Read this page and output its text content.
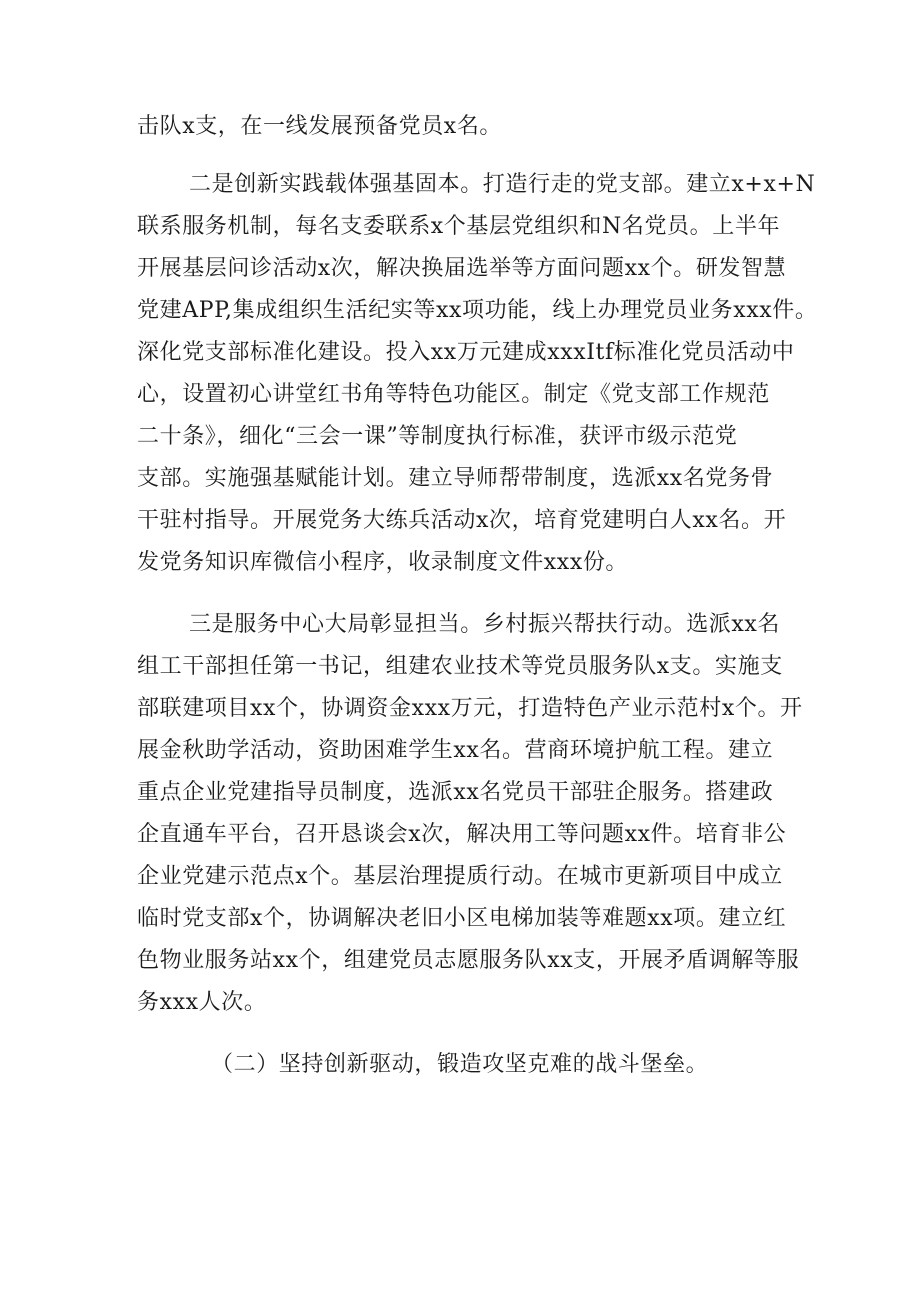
击队x支，在一线发展预备党员x名。
二是创新实践载体强基固本。打造行走的党支部。建立x+x+N
联系服务机制，每名支委联系x个基层党组织和N名党员。上半年
开展基层问诊活动x次，解决换届选举等方面问题xx个。研发智慧
党建APP,集成组织生活纪实等xx项功能，线上办理党员业务xxx件。
深化党支部标准化建设。投入xx万元建成xxxItf标准化党员活动中
心，设置初心讲堂红书角等特色功能区。制定《党支部工作规范
二十条》，细化“三会一课”等制度执行标准，获评市级示范党
支部。实施强基赋能计划。建立导师帮带制度，选派xx名党务骨
干驻村指导。开展党务大练兵活动x次，培育党建明白人xx名。开
发党务知识库微信小程序，收录制度文件xxx份。
三是服务中心大局彰显担当。乡村振兴帮扶行动。选派xx名
组工干部担任第一书记，组建农业技术等党员服务队x支。实施支
部联建项目xx个，协调资金xxx万元，打造特色产业示范村x个。开
展金秋助学活动，资助困难学生xx名。营商环境护航工程。建立
重点企业党建指导员制度，选派xx名党员干部驻企服务。搭建政
企直通车平台，召开恳谈会x次，解决用工等问题xx件。培育非公
企业党建示范点x个。基层治理提质行动。在城市更新项目中成立
临时党支部x个，协调解决老旧小区电梯加装等难题xx项。建立红
色物业服务站xx个，组建党员志愿服务队xx支，开展矛盾调解等服
务xxx人次。
（二）坚持创新驱动，锻造攻坚克难的战斗堡垒。
